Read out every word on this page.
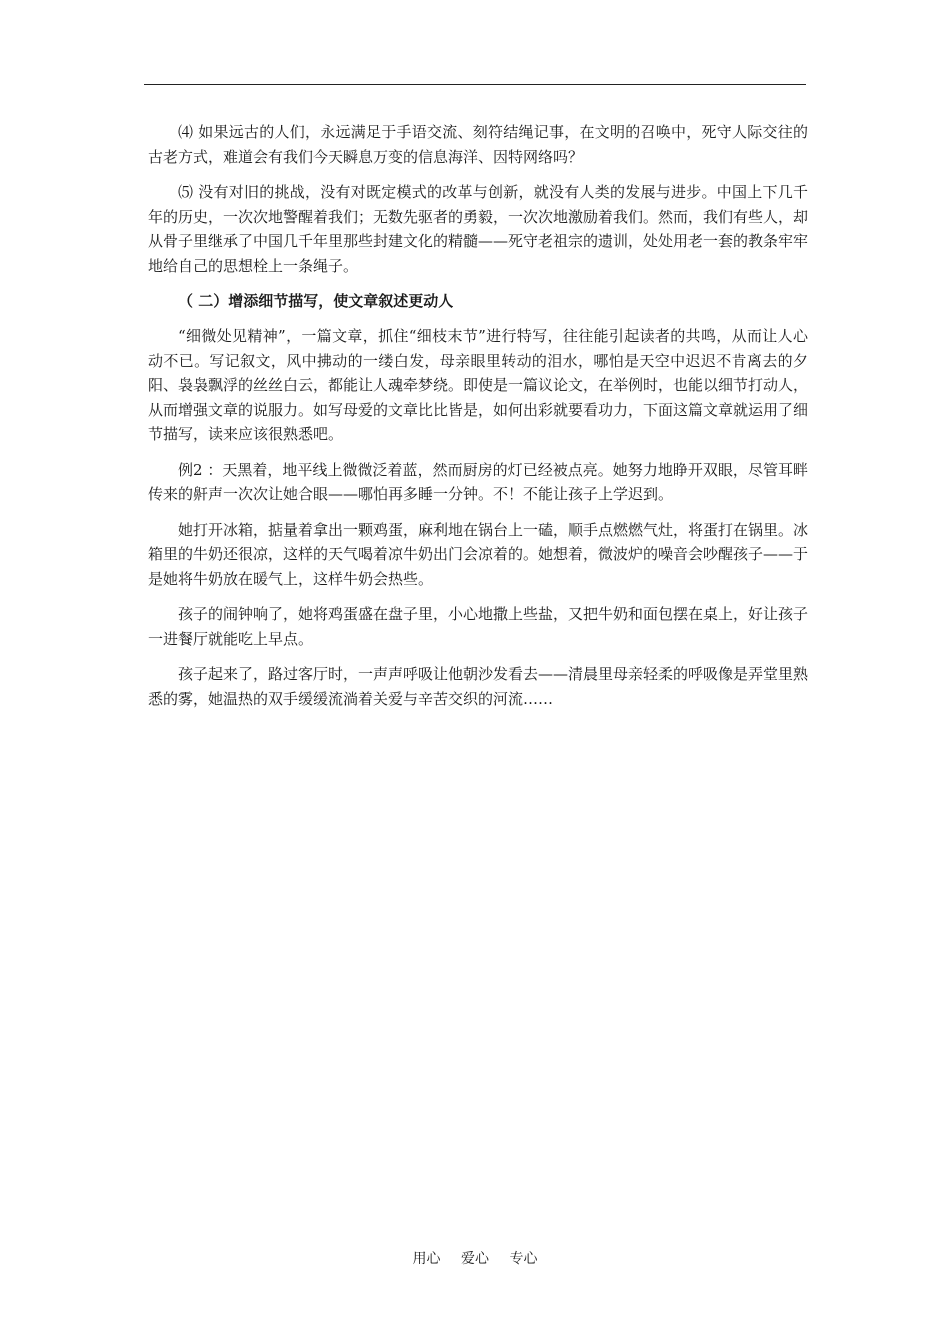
⑷ 如果远古的人们，永远满足于手语交流、刻符结绳记事，在文明的召唤中，死守人际交往的古老方式，难道会有我们今天瞬息万变的信息海洋、因特网络吗？

⑸ 没有对旧的挑战，没有对既定模式的改革与创新，就没有人类的发展与进步。中国上下几千年的历史，一次次地警醒着我们；无数先驱者的勇毅，一次次地激励着我们。然而，我们有些人，却从骨子里继承了中国几千年里那些封建文化的精髓——死守老祖宗的遗训，处处用老一套的教条牢牢地给自己的思想栓上一条绳子。

（ 二）增添细节描写，使文章叙述更动人

“细微处见精神”，一篇文章，抓住“细枝末节”进行特写，往往能引起读者的共鸣，从而让人心动不已。写记叙文，风中拂动的一缕白发，母亲眼里转动的泪水，哪怕是天空中迟迟不肯离去的夕阳、袅袅飘浮的丝丝白云，都能让人魂牵梦绕。即使是一篇议论文，在举例时，也能以细节打动人，从而增强文章的说服力。如写母爱的文章比比皆是，如何出彩就要看功力，下面这篇文章就运用了细节描写，读来应该很熟悉吧。

例2 ：天黑着，地平线上微微泛着蓝，然而厨房的灯已经被点亮。她努力地睁开双眼，尽管耳畔传来的鼾声一次次让她合眼——哪怕再多睡一分钟。不！不能让孩子上学迟到。

她打开冰箱，掂量着拿出一颗鸡蛋，麻利地在锅台上一磕，顺手点燃燃气灶，将蛋打在锅里。冰箱里的牛奶还很凉，这样的天气喝着凉牛奶出门会凉着的。她想着，微波炉的噪音会吵醒孩子——于是她将牛奶放在暖气上，这样牛奶会热些。

孩子的闹钟响了，她将鸡蛋盛在盘子里，小心地撒上些盐，又把牛奶和面包摆在桌上，好让孩子一进餐厅就能吃上早点。

孩子起来了，路过客厅时，一声声呼吸让他朝沙发看去——清晨里母亲轻柔的呼吸像是弄堂里熟悉的雾，她温热的双手缓缓流淌着关爱与辛苦交织的河流……

用心 爱心 专心
